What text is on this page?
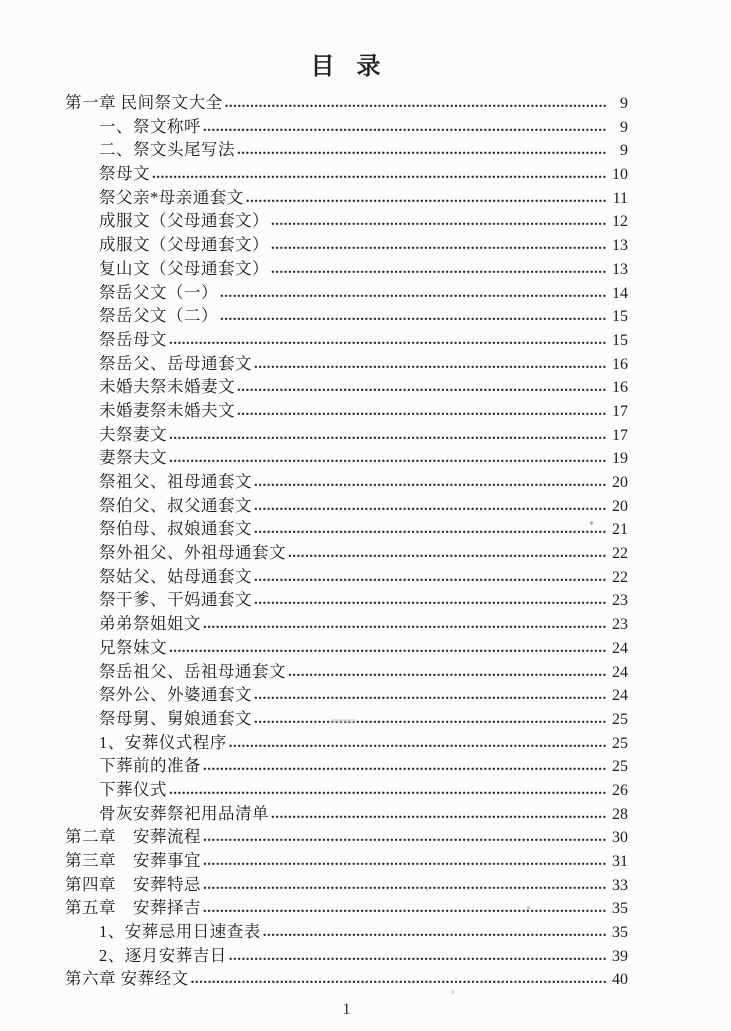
目 录
第一章 民间祭文大全 .....	9
一、祭文称呼 .....	9
二、祭文头尾写法 .....	9
祭母文 .....	10
祭父亲*母亲通套文 .....	11
成服文（父母通套文） .....	12
成服文（父母通套文） .....	13
复山文（父母通套文） .....	13
祭岳父文（一） .....	14
祭岳父文（二） .....	15
祭岳母文 .....	15
祭岳父、岳母通套文 .....	16
未婚夫祭未婚妻文 .....	16
未婚妻祭未婚夫文 .....	17
夫祭妻文 .....	17
妻祭夫文 .....	19
祭祖父、祖母通套文 .....	20
祭伯父、叔父通套文 .....	20
祭伯母、叔娘通套文 .....	21
祭外祖父、外祖母通套文 .....	22
祭姑父、姑母通套文 .....	22
祭干爹、干妈通套文 .....	23
弟弟祭姐姐文 .....	23
兄祭妹文 .....	24
祭岳祖父、岳祖母通套文 .....	24
祭外公、外婆通套文 .....	24
祭母舅、舅娘通套文 .....	25
1、安葬仪式程序 .....	25
下葬前的准备 .....	25
下葬仪式 .....	26
骨灰安葬祭祀用品清单 .....	28
第二章　安葬流程 .....	30
第三章　安葬事宜 .....	31
第四章　安葬特忌 .....	33
第五章　安葬择吉 .....	35
1、安葬忌用日速查表 .....	35
2、逐月安葬吉日 .....	39
第六章 安葬经文 .....	40
1
